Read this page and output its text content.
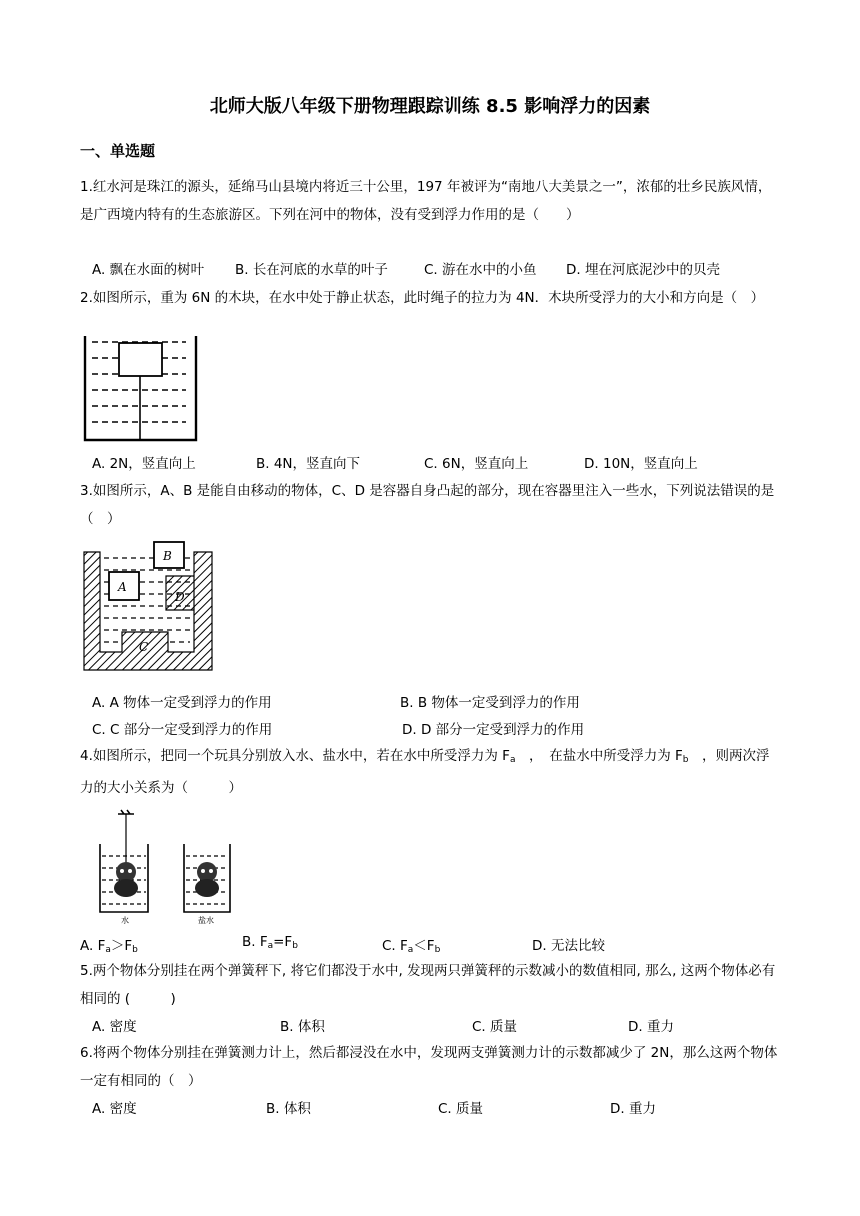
北师大版八年级下册物理跟踪训练 8.5 影响浮力的因素
一、单选题
1.红水河是珠江的源头，延绵马山县境内将近三十公里，197 年被评为“南地八大美景之一”，浓郁的壮乡民族风情，是广西境内特有的生态旅游区。下列在河中的物体，没有受到浮力作用的是（　　）
A. 飘在水面的树叶 B. 长在河底的水草的叶子	C. 游在水中的小鱼 D. 埋在河底泥沙中的贝壳
2.如图所示，重为 6N 的木块，在水中处于静止状态，此时绳子的拉力为 4N．木块所受浮力的大小和方向是（　）
A. 2N，竖直向上	B. 4N，竖直向下	C. 6N，竖直向上	D. 10N，竖直向上
3.如图所示，A、B 是能自由移动的物体，C、D 是容器自身凸起的部分，现在容器里注入一些水，下列说法错误的是（　）
B
A
D
C
A. A 物体一定受到浮力的作用	B. B 物体一定受到浮力的作用
C. C 部分一定受到浮力的作用	D. D 部分一定受到浮力的作用
4.如图所示，把同一个玩具分别放入水、盐水中，若在水中所受浮力为 $F_a$　，　在盐水中所受浮力为 $F_b$　，则两次浮力的大小关系为（　　　）
水	盐水
A. $F_a>F_b$	B. $F_a=F_b$	C. $F_a<F_b$	D. 无法比较
5.两个物体分别挂在两个弹簧秤下, 将它们都没于水中, 发现两只弹簧秤的示数减小的数值相同, 那么, 这两个物体必有相同的 (　　　)
A. 密度	B. 体积	C. 质量	D. 重力
6.将两个物体分别挂在弹簧测力计上，然后都浸没在水中，发现两支弹簧测力计的示数都减少了 2N，那么这两个物体一定有相同的（　）
A. 密度	B. 体积	C. 质量	D. 重力
